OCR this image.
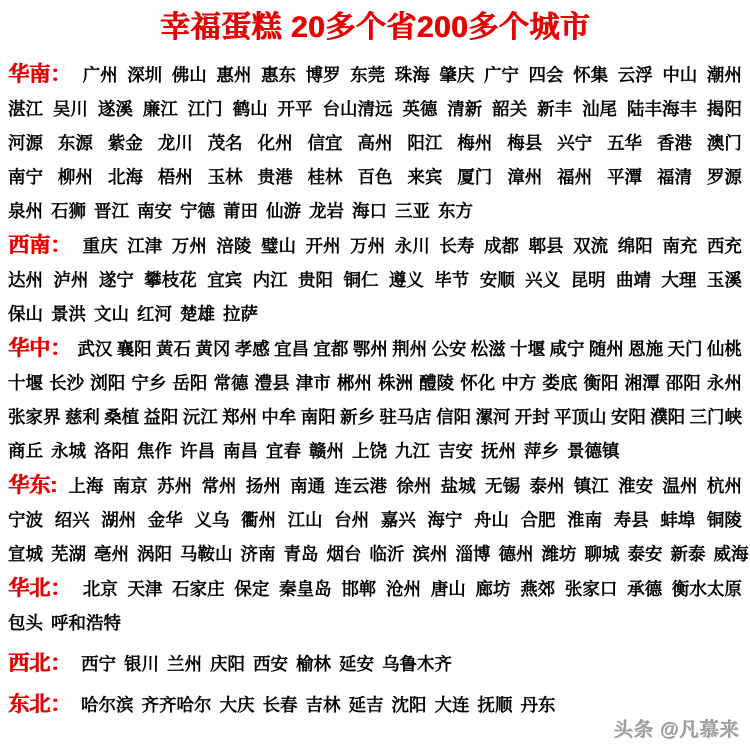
幸福蛋糕 20多个省200多个城市
华南： 广州 深圳 佛山 惠州 惠东 博罗 东莞 珠海 肇庆 广宁 四会 怀集 云浮 中山 潮州
湛江 吴川 遂溪 廉江 江门 鹤山 开平 台山清远 英德 清新 韶关 新丰 汕尾 陆丰海丰 揭阳
河源 东源 紫金 龙川 茂名 化州 信宜 高州 阳江 梅州 梅县 兴宁 五华 香港 澳门
南宁 柳州 北海 梧州 玉林 贵港 桂林 百色 来宾 厦门 漳州 福州 平潭 福清 罗源
泉州 石狮 晋江 南安 宁德 莆田 仙游 龙岩 海口 三亚 东方
西南： 重庆 江津 万州 涪陵 璧山 开州 万州 永川 长寿 成都 郫县 双流 绵阳 南充 西充
达州 泸州 遂宁 攀枝花 宜宾 内江 贵阳 铜仁 遵义 毕节 安顺 兴义 昆明 曲靖 大理 玉溪
保山 景洪 文山 红河 楚雄 拉萨
华中： 武汉 襄阳 黄石 黄冈 孝感 宜昌 宜都 鄂州 荆州 公安 松滋 十堰 咸宁 随州 恩施 天门 仙桃
十堰 长沙 浏阳 宁乡 岳阳 常德 澧县 津市 郴州 株洲 醴陵 怀化 中方 娄底 衡阳 湘潭 邵阳 永州
张家界 慈利 桑植 益阳 沅江 郑州 中牟 南阳 新乡 驻马店 信阳 漯河 开封 平顶山 安阳 濮阳 三门峡
商丘 永城 洛阳 焦作 许昌 南昌 宜春 赣州 上饶 九江 吉安 抚州 萍乡 景德镇
华东: 上海 南京 苏州 常州 扬州 南通 连云港 徐州 盐城 无锡 泰州 镇江 淮安 温州 杭州
宁波 绍兴 湖州 金华 义乌 衢州 江山 台州 嘉兴 海宁 舟山 合肥 淮南 寿县 蚌埠 铜陵
宣城 芜湖 亳州 涡阳 马鞍山 济南 青岛 烟台 临沂 滨州 淄博 德州 潍坊 聊城 泰安 新泰 威海
华北： 北京 天津 石家庄 保定 秦皇岛 邯郸 沧州 唐山 廊坊 燕郊 张家口 承德 衡水太原
包头 呼和浩特
西北： 西宁 银川 兰州 庆阳 西安 榆林 延安 乌鲁木齐
东北： 哈尔滨 齐齐哈尔 大庆 长春 吉林 延吉 沈阳 大连 抚顺 丹东
头条 @凡慕来
